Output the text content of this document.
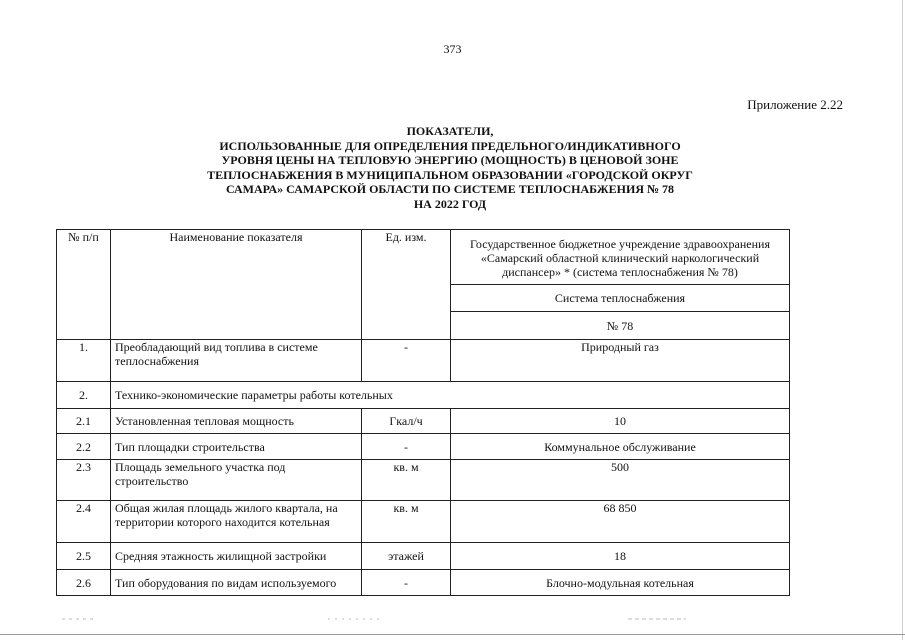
373
Приложение 2.22
ПОКАЗАТЕЛИ,
ИСПОЛЬЗОВАННЫЕ ДЛЯ ОПРЕДЕЛЕНИЯ ПРЕДЕЛЬНОГО/ИНДИКАТИВНОГО
УРОВНЯ ЦЕНЫ НА ТЕПЛОВУЮ ЭНЕРГИЮ (МОЩНОСТЬ) В ЦЕНОВОЙ ЗОНЕ
ТЕПЛОСНАБЖЕНИЯ В МУНИЦИПАЛЬНОМ ОБРАЗОВАНИИ «ГОРОДСКОЙ ОКРУГ
САМАРА» САМАРСКОЙ ОБЛАСТИ ПО СИСТЕМЕ ТЕПЛОСНАБЖЕНИЯ № 78
НА 2022 ГОД
№ п/п	Наименование показателя	Ед. изм.	Государственное бюджетное учреждение здравоохранения «Самарский областной клинический наркологический диспансер» * (система теплоснабжения № 78)
			Система теплоснабжения
			№ 78
1.	Преобладающий вид топлива в системе теплоснабжения	-	Природный газ
2.	Технико-экономические параметры работы котельных		
2.1	Установленная тепловая мощность	Гкал/ч	10
2.2	Тип площадки строительства	-	Коммунальное обслуживание
2.3	Площадь земельного участка под строительство	кв. м	500
2.4	Общая жилая площадь жилого квартала, на территории которого находится котельная	кв. м	68 850
2.5	Средняя этажность жилищной застройки	этажей	18
2.6	Тип оборудования по видам используемого	-	Блочно-модульная котельная
